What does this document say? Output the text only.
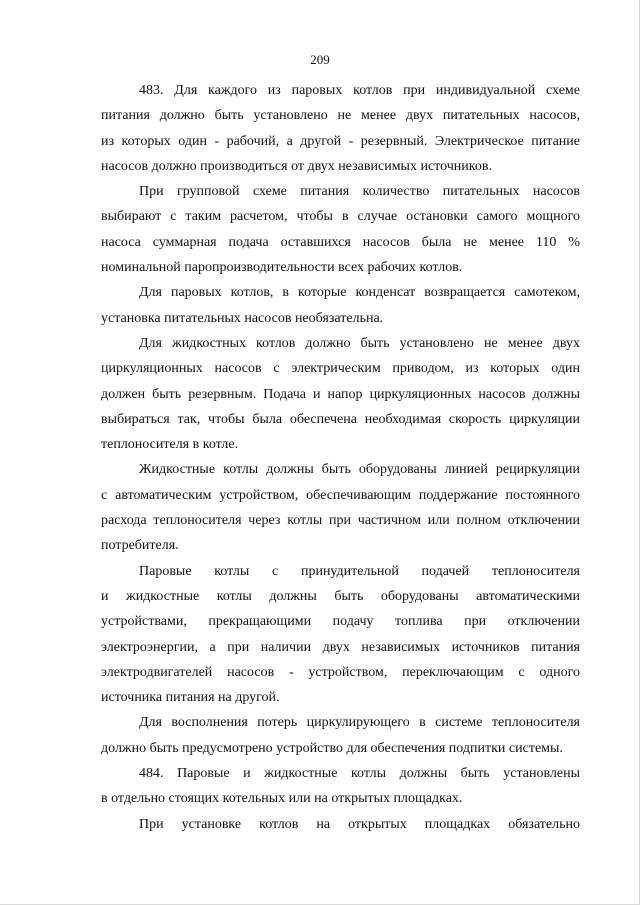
209
483. Для каждого из паровых котлов при индивидуальной схеме
питания должно быть установлено не менее двух питательных насосов,
из которых один - рабочий, а другой - резервный. Электрическое питание
насосов должно производиться от двух независимых источников.
При групповой схеме питания количество питательных насосов
выбирают с таким расчетом, чтобы в случае остановки самого мощного
насоса суммарная подача оставшихся насосов была не менее 110 %
номинальной паропроизводительности всех рабочих котлов.
Для паровых котлов, в которые конденсат возвращается самотеком,
установка питательных насосов необязательна.
Для жидкостных котлов должно быть установлено не менее двух
циркуляционных насосов с электрическим приводом, из которых один
должен быть резервным. Подача и напор циркуляционных насосов должны
выбираться так, чтобы была обеспечена необходимая скорость циркуляции
теплоносителя в котле.
Жидкостные котлы должны быть оборудованы линией рециркуляции
с автоматическим устройством, обеспечивающим поддержание постоянного
расхода теплоносителя через котлы при частичном или полном отключении
потребителя.
Паровые котлы с принудительной подачей теплоносителя
и жидкостные котлы должны быть оборудованы автоматическими
устройствами, прекращающими подачу топлива при отключении
электроэнергии, а при наличии двух независимых источников питания
электродвигателей насосов - устройством, переключающим с одного
источника питания на другой.
Для восполнения потерь циркулирующего в системе теплоносителя
должно быть предусмотрено устройство для обеспечения подпитки системы.
484. Паровые и жидкостные котлы должны быть установлены
в отдельно стоящих котельных или на открытых площадках.
При установке котлов на открытых площадках обязательно
